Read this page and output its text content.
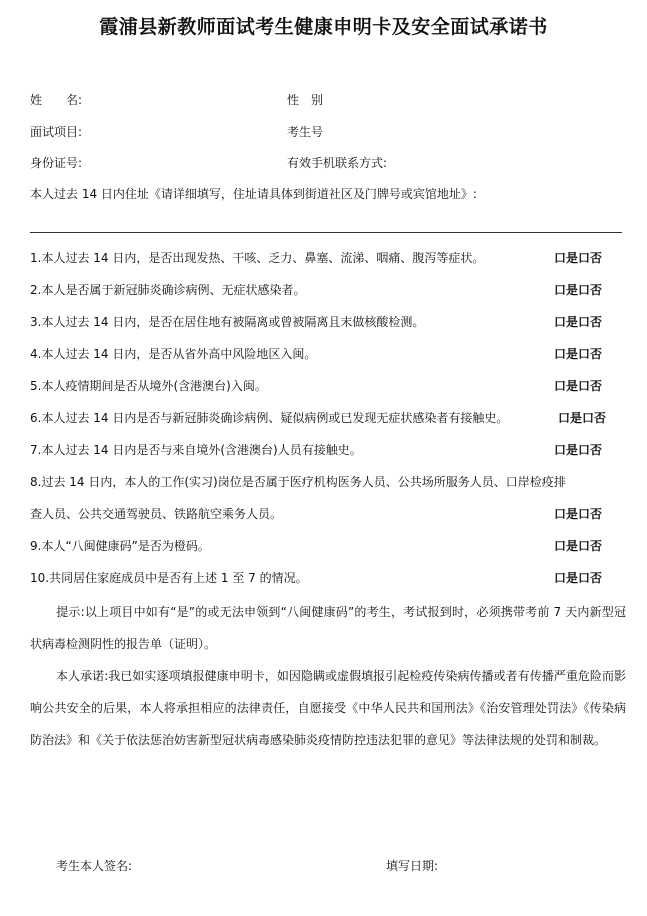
霞浦县新教师面试考生健康申明卡及安全面试承诺书
姓　　名:	性　别
面试项目:	考生号
身份证号:	有效手机联系方式:
本人过去 14 日内住址《请详细填写，住址请具体到街道社区及门牌号或宾馆地址》:
1.本人过去 14 日内，是否出现发热、干咳、乏力、鼻塞、流涕、咽痛、腹泻等症状。	口是口否
2.本人是否属于新冠肺炎确诊病例、无症状感染者。	口是口否
3.本人过去 14 日内，是否在居住地有被隔离或曾被隔离且末做核酸检测。	口是口否
4.本人过去 14 日内，是否从省外高中风险地区入闽。	口是口否
5.本人疫情期间是否从境外(含港澳台)入闽。	口是口否
6.本人过去 14 日内是否与新冠肺炎确诊病例、疑似病例或已发现无症状感染者有接触史。	口是口否
7.本人过去 14 日内是否与来自境外(含港澳台)人员有接触史。	口是口否
8.过去 14 日内，本人的工作(实习)岗位是否属于医疗机构医务人员、公共场所服务人员、口岸检疫排
查人员、公共交通驾驶员、铁路航空乘务人员。	口是口否
9.本人“八闽健康码”是否为橙码。	口是口否
10.共同居住家庭成员中是否有上述 1 至 7 的情况。	口是口否
提示:以上项目中如有“是”的或无法申领到“八闽健康码”的考生，考试报到时，必须携带考前 7 天内新型冠状病毒检测阴性的报告单（证明）。
本人承诺:我已如实逐项填报健康申明卡，如因隐瞒或虚假填报引起检疫传染病传播或者有传播严重危险而影响公共安全的后果，本人将承担相应的法律责任，自愿接受《中华人民共和国刑法》《治安管理处罚法》《传染病防治法》和《关于依法惩治妨害新型冠状病毒感染肺炎疫情防控违法犯罪的意见》等法律法规的处罚和制裁。
考生本人签名:	填写日期:
